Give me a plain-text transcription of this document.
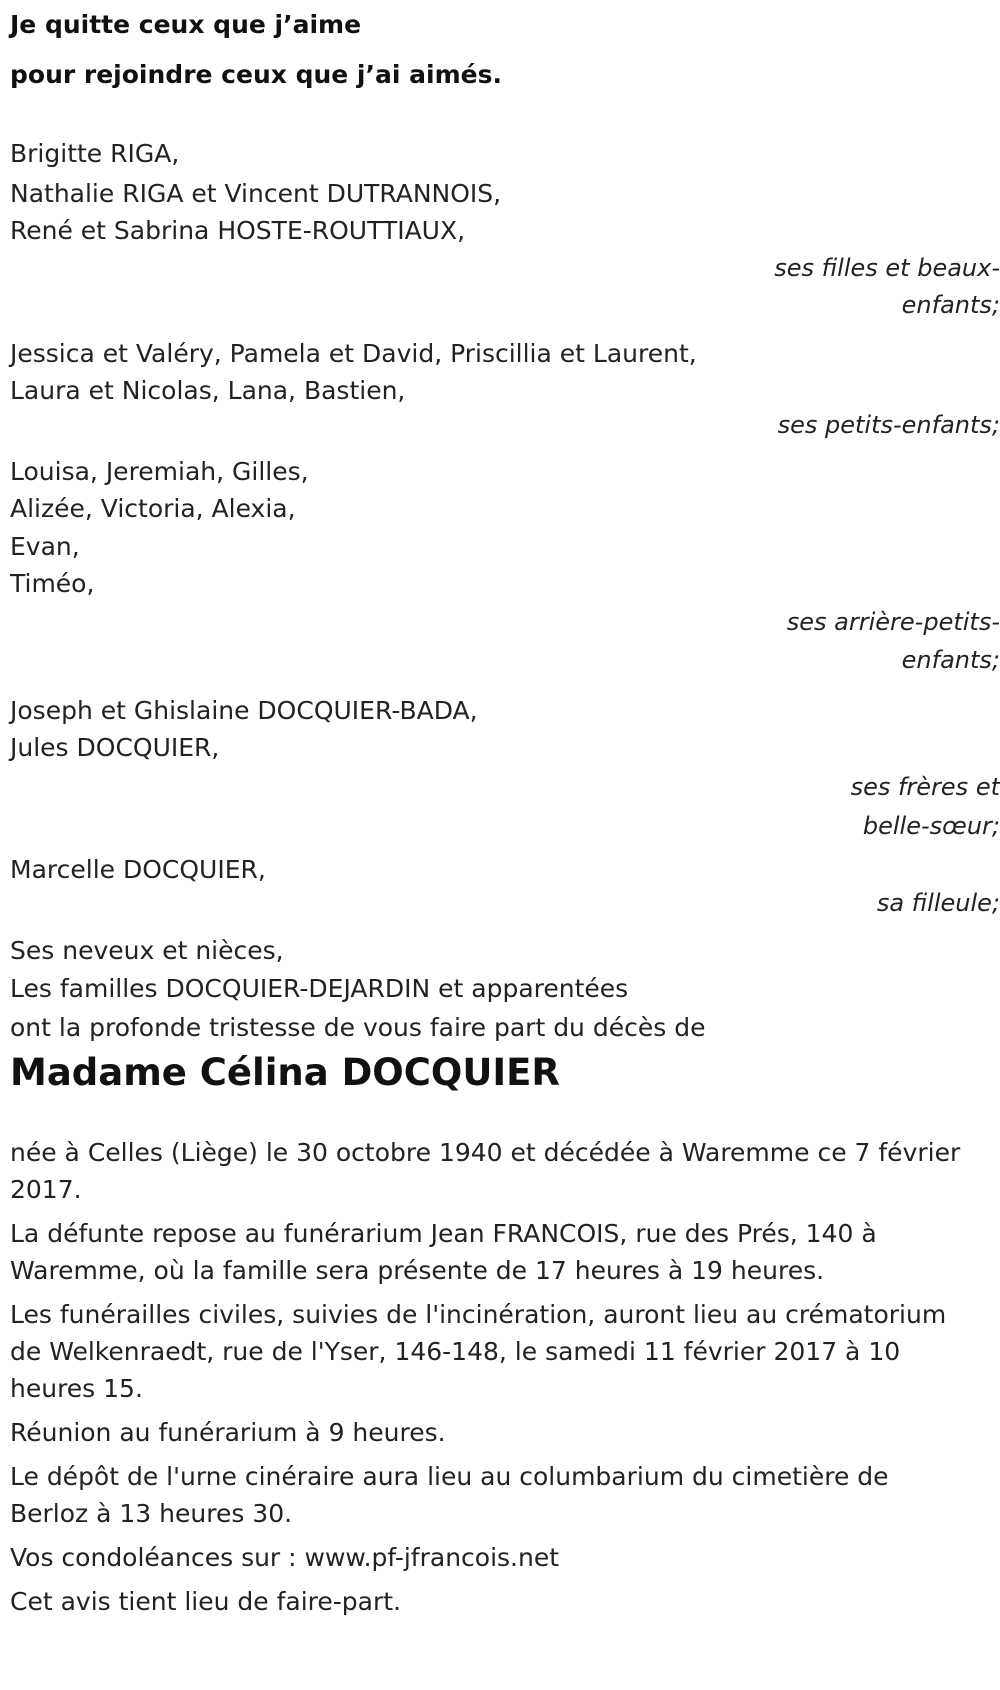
Je quitte ceux que j’aime

pour rejoindre ceux que j’ai aimés.

Brigitte RIGA,
Nathalie RIGA et Vincent DUTRANNOIS,
René et Sabrina HOSTE-ROUTTIAUX,
ses filles et beaux-
enfants;
Jessica et Valéry, Pamela et David, Priscillia et Laurent,
Laura et Nicolas, Lana, Bastien,
ses petits-enfants;
Louisa, Jeremiah, Gilles,
Alizée, Victoria, Alexia,
Evan,
Timéo,
ses arrière-petits-
enfants;
Joseph et Ghislaine DOCQUIER-BADA,
Jules DOCQUIER,
ses frères et
belle-sœur;
Marcelle DOCQUIER,
sa filleule;
Ses neveux et nièces,
Les familles DOCQUIER-DEJARDIN et apparentées

ont la profonde tristesse de vous faire part du décès de

Madame Célina DOCQUIER

née à Celles (Liège) le 30 octobre 1940 et décédée à Waremme ce 7 février 2017.

La défunte repose au funérarium Jean FRANCOIS, rue des Prés, 140 à Waremme, où la famille sera présente de 17 heures à 19 heures.

Les funérailles civiles, suivies de l'incinération, auront lieu au crématorium de Welkenraedt, rue de l'Yser, 146-148, le samedi 11 février 2017 à 10 heures 15.

Réunion au funérarium à 9 heures.

Le dépôt de l'urne cinéraire aura lieu au columbarium du cimetière de Berloz à 13 heures 30.

Vos condoléances sur : www.pf-jfrancois.net

Cet avis tient lieu de faire-part.
